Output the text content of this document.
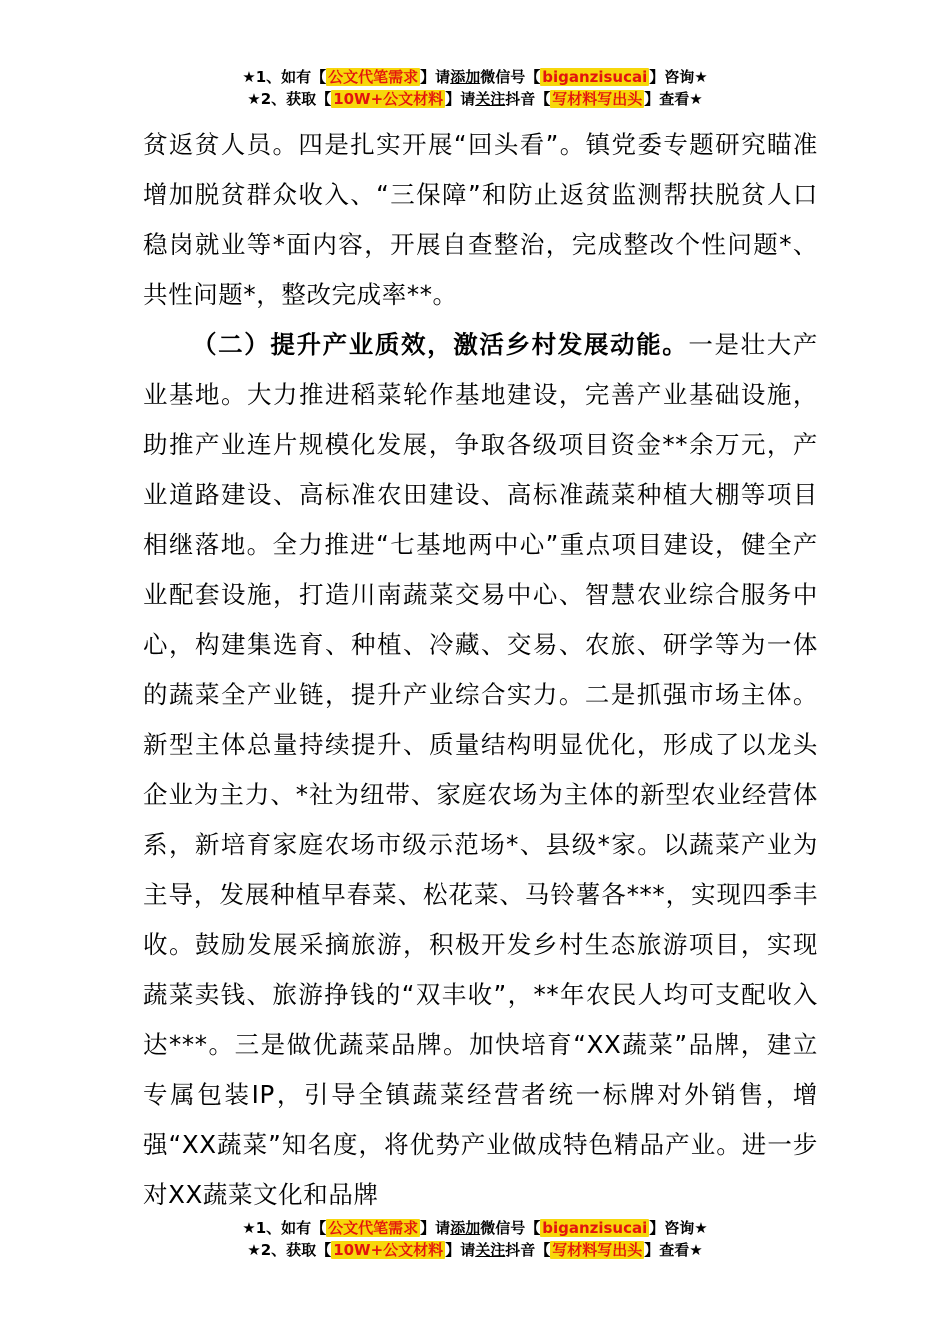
★1、如有【 公文代笔需求 】请添加微信号【 biganzisucai 】咨询★
★2、获取【 10W+公文材料 】请关注抖音【 写材料写出头 】查看★

贫返贫人员。四是扎实开展“回头看”。镇党委专题研究瞄准增加脱贫群众收入、“三保障”和防止返贫监测帮扶脱贫人口稳岗就业等*面内容，开展自查整治，完成整改个性问题*、共性问题*，整改完成率**。

（二）提升产业质效，激活乡村发展动能。一是壮大产业基地。大力推进稻菜轮作基地建设，完善产业基础设施，助推产业连片规模化发展，争取各级项目资金**余万元，产业道路建设、高标准农田建设、高标准蔬菜种植大棚等项目相继落地。全力推进“七基地两中心”重点项目建设，健全产业配套设施，打造川南蔬菜交易中心、智慧农业综合服务中心，构建集选育、种植、冷藏、交易、农旅、研学等为一体的蔬菜全产业链，提升产业综合实力。二是抓强市场主体。新型主体总量持续提升、质量结构明显优化，形成了以龙头企业为主力、*社为纽带、家庭农场为主体的新型农业经营体系，新培育家庭农场市级示范场*、县级*家。以蔬菜产业为主导，发展种植早春菜、松花菜、马铃薯各***，实现四季丰收。鼓励发展采摘旅游，积极开发乡村生态旅游项目，实现蔬菜卖钱、旅游挣钱的“双丰收”，**年农民人均可支配收入达***。三是做优蔬菜品牌。加快培育“XX蔬菜”品牌，建立专属包装IP，引导全镇蔬菜经营者统一标牌对外销售，增强“XX蔬菜”知名度，将优势产业做成特色精品产业。进一步对XX蔬菜文化和品牌

★1、如有【 公文代笔需求 】请添加微信号【 biganzisucai 】咨询★
★2、获取【 10W+公文材料 】请关注抖音【 写材料写出头 】查看★
